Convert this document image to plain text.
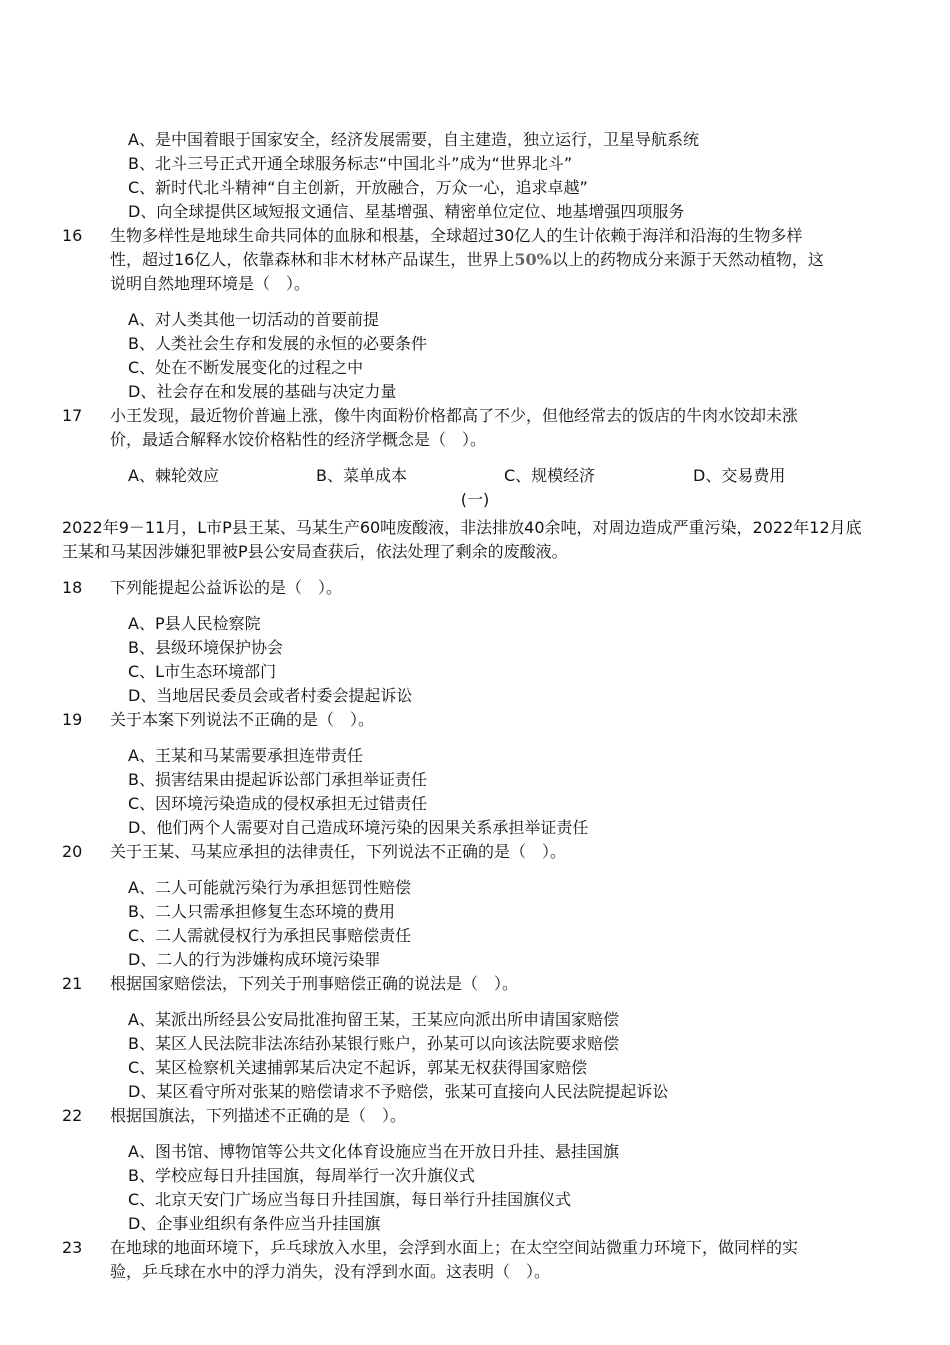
A、是中国着眼于国家安全，经济发展需要，自主建造，独立运行，卫星导航系统
B、北斗三号正式开通全球服务标志“中国北斗”成为“世界北斗”
C、新时代北斗精神“自主创新，开放融合，万众一心，追求卓越”
D、向全球提供区域短报文通信、星基增强、精密单位定位、地基增强四项服务
16 生物多样性是地球生命共同体的血脉和根基，全球超过30亿人的生计依赖于海洋和沿海的生物多样
性，超过16亿人，依靠森林和非木材林产品谋生，世界上50%以上的药物成分来源于天然动植物，这
说明自然地理环境是（　）。
A、对人类其他一切活动的首要前提
B、人类社会生存和发展的永恒的必要条件
C、处在不断发展变化的过程之中
D、社会存在和发展的基础与决定力量
17 小王发现，最近物价普遍上涨，像牛肉面粉价格都高了不少，但他经常去的饭店的牛肉水饺却未涨
价，最适合解释水饺价格粘性的经济学概念是（　）。
A、棘轮效应	B、菜单成本	C、规模经济	D、交易费用
(一)
2022年9－11月，L市P县王某、马某生产60吨废酸液，非法排放40余吨，对周边造成严重污染，2022年12月底
王某和马某因涉嫌犯罪被P县公安局查获后，依法处理了剩余的废酸液。
18 下列能提起公益诉讼的是（　）。
A、P县人民检察院
B、县级环境保护协会
C、L市生态环境部门
D、当地居民委员会或者村委会提起诉讼
19 关于本案下列说法不正确的是（　）。
A、王某和马某需要承担连带责任
B、损害结果由提起诉讼部门承担举证责任
C、因环境污染造成的侵权承担无过错责任
D、他们两个人需要对自己造成环境污染的因果关系承担举证责任
20 关于王某、马某应承担的法律责任，下列说法不正确的是（　）。
A、二人可能就污染行为承担惩罚性赔偿
B、二人只需承担修复生态环境的费用
C、二人需就侵权行为承担民事赔偿责任
D、二人的行为涉嫌构成环境污染罪
21 根据国家赔偿法，下列关于刑事赔偿正确的说法是（　）。
A、某派出所经县公安局批准拘留王某，王某应向派出所申请国家赔偿
B、某区人民法院非法冻结孙某银行账户，孙某可以向该法院要求赔偿
C、某区检察机关逮捕郭某后决定不起诉，郭某无权获得国家赔偿
D、某区看守所对张某的赔偿请求不予赔偿，张某可直接向人民法院提起诉讼
22 根据国旗法，下列描述不正确的是（　）。
A、图书馆、博物馆等公共文化体育设施应当在开放日升挂、悬挂国旗
B、学校应每日升挂国旗，每周举行一次升旗仪式
C、北京天安门广场应当每日升挂国旗，每日举行升挂国旗仪式
D、企事业组织有条件应当升挂国旗
23 在地球的地面环境下，乒乓球放入水里，会浮到水面上；在太空空间站微重力环境下，做同样的实
验，乒乓球在水中的浮力消失，没有浮到水面。这表明（　）。
